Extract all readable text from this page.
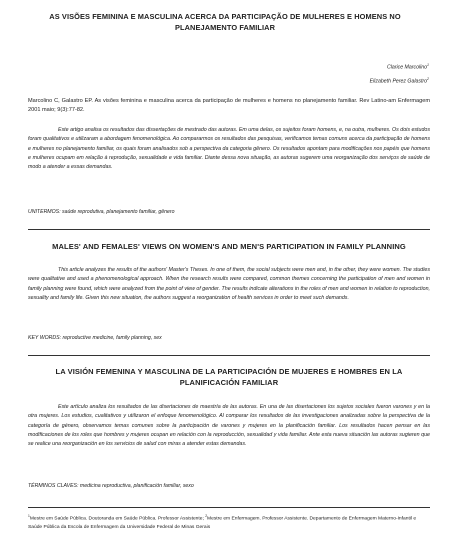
AS VISÕES FEMININA E MASCULINA ACERCA DA PARTICIPAÇÃO DE MULHERES E HOMENS NO
PLANEJAMENTO FAMILIAR
Clarice Marcolino$^1$
Elizabeth Perez Galastro$^2$
Marcolino C, Galastro EP. As visões feminina e masculina acerca da participação de mulheres e homens no planejamento familiar. Rev Latino-am Enfermagem 2001 maio; 9(3):77-82.
Este artigo analisa os resultados das dissertações de mestrado das autoras. Em uma delas, os sujeitos foram homens, e, na outra, mulheres. Os dois estudos foram qualitativos e utilizaram a abordagem fenomenológica. Ao compararmos os resultados das pesquisas, verificamos temas comuns acerca da participação de homens e mulheres no planejamento familiar, os quais foram analisados sob a perspectiva da categoria gênero. Os resultados apontam para modificações nos papéis que homens e mulheres ocupam em relação à reprodução, sexualidade e vida familiar. Diante dessa nova situação, as autoras sugerem uma reorganização dos serviços de saúde de modo a atender a essas demandas.
UNITERMOS: saúde reprodutiva, planejamento familiar, gênero
MALES' AND FEMALES' VIEWS ON WOMEN'S AND MEN'S PARTICIPATION IN FAMILY PLANNING
This article analyzes the results of the authors' Master's Theses. In one of them, the social subjects were men and, in the other, they were women. The studies were qualitative and used a phenomenological approach. When the research results were compared, common themes concerning the participation of men and women in family planning were found, which were analyzed from the point of view of gender. The results indicate alterations in the roles of men and women in relation to reproduction, sexuality and family life. Given this new situation, the authors suggest a reorganization of health services in order to meet such demands.
KEY WORDS: reproductive medicine, family planning, sex
LA VISIÓN FEMENINA Y MASCULINA DE LA PARTICIPACIÓN DE MUJERES E HOMBRES EN LA
PLANIFICACIÓN FAMILIAR
Este artículo analiza los resultados de las disertaciones de maestría de las autoras. En una de las disertaciones los sujetos sociales fueron varones y en la otra mujeres. Los estudios, cualitativos y utilizaron el enfoque fenomenológico. Al comparar los resultados de las investigaciones analizadas sobre la perspectiva de la categoría de género, observamos temas comunes sobre la participación de varones y mujeres en la planificación familiar. Los resultados hacen pensar en las modificaciones de los roles que hombres y mujeres ocupan en relación con la reproducción, sexualidad y vida familiar. Ante esta nueva situación las autoras sugieren que se realice una reorganización en los servicios de salud con miras a atender estas demandas.
TÉRMINOS CLAVES: medicina reproductiva, planificación familiar, sexo
$^1$Mestre em Saúde Pública. Doutoranda em Saúde Pública. Professor Assistente; $^2$Mestre em Enfermagem. Professor Assistente. Departamento de Enfermagem Materno-Infantil e Saúde Pública da Escola de Enfermagem da Universidade Federal de Minas Gerais
